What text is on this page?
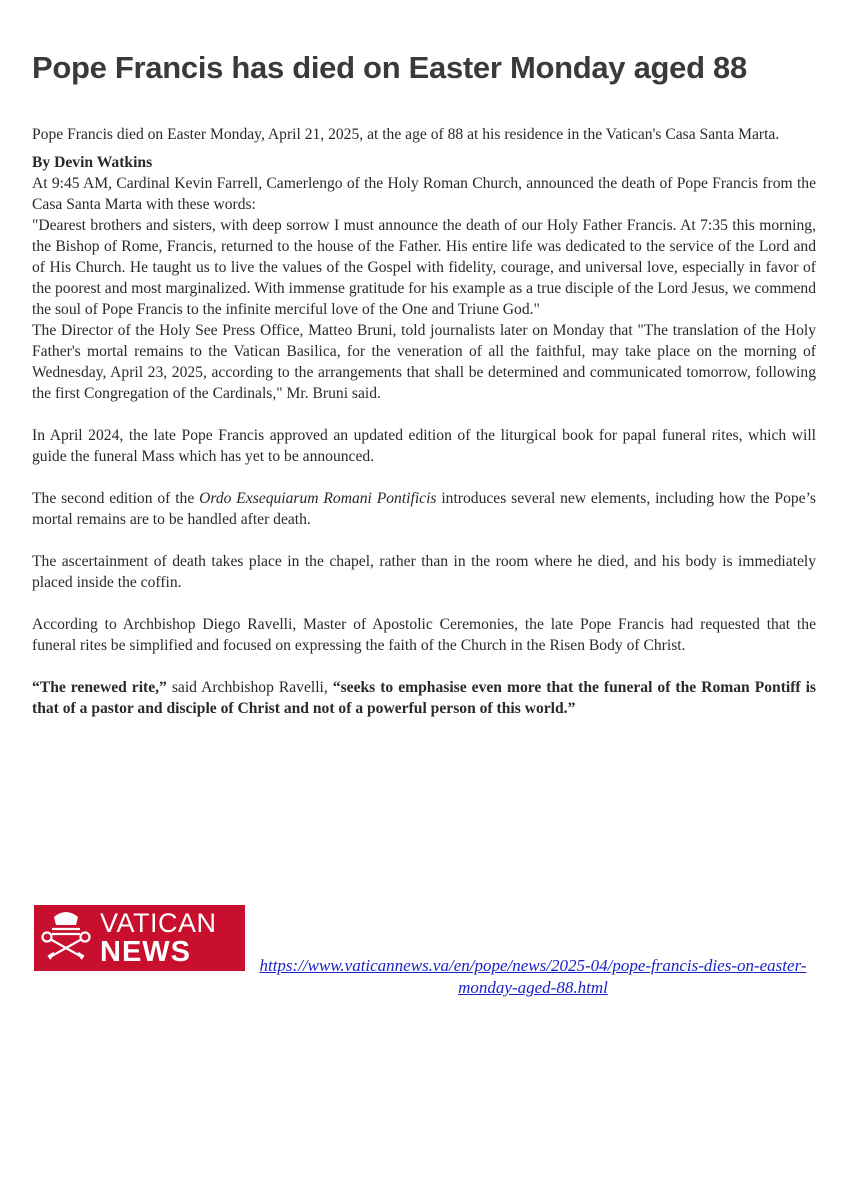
Pope Francis has died on Easter Monday aged 88

Pope Francis died on Easter Monday, April 21, 2025, at the age of 88 at his residence in the Vatican's Casa Santa Marta.

By Devin Watkins

At 9:45 AM, Cardinal Kevin Farrell, Camerlengo of the Holy Roman Church, announced the death of Pope Francis from the Casa Santa Marta with these words:

"Dearest brothers and sisters, with deep sorrow I must announce the death of our Holy Father Francis. At 7:35 this morning, the Bishop of Rome, Francis, returned to the house of the Father. His entire life was dedicated to the service of the Lord and of His Church. He taught us to live the values of the Gospel with fidelity, courage, and universal love, especially in favor of the poorest and most marginalized. With immense gratitude for his example as a true disciple of the Lord Jesus, we commend the soul of Pope Francis to the infinite merciful love of the One and Triune God."

The Director of the Holy See Press Office, Matteo Bruni, told journalists later on Monday that "The translation of the Holy Father's mortal remains to the Vatican Basilica, for the veneration of all the faithful, may take place on the morning of Wednesday, April 23, 2025, according to the arrangements that shall be determined and communicated tomorrow, following the first Congregation of the Cardinals," Mr. Bruni said.

In April 2024, the late Pope Francis approved an updated edition of the liturgical book for papal funeral rites, which will guide the funeral Mass which has yet to be announced.

The second edition of the Ordo Exsequiarum Romani Pontificis introduces several new elements, including how the Pope’s mortal remains are to be handled after death.

The ascertainment of death takes place in the chapel, rather than in the room where he died, and his body is immediately placed inside the coffin.

According to Archbishop Diego Ravelli, Master of Apostolic Ceremonies, the late Pope Francis had requested that the funeral rites be simplified and focused on expressing the faith of the Church in the Risen Body of Christ.

“The renewed rite,” said Archbishop Ravelli, “seeks to emphasise even more that the funeral of the Roman Pontiff is that of a pastor and disciple of Christ and not of a powerful person of this world.”

VATICAN
NEWS	https://www.vaticannews.va/en/pope/news/2025-04/pope-francis-dies-on-easter-monday-aged-88.html
